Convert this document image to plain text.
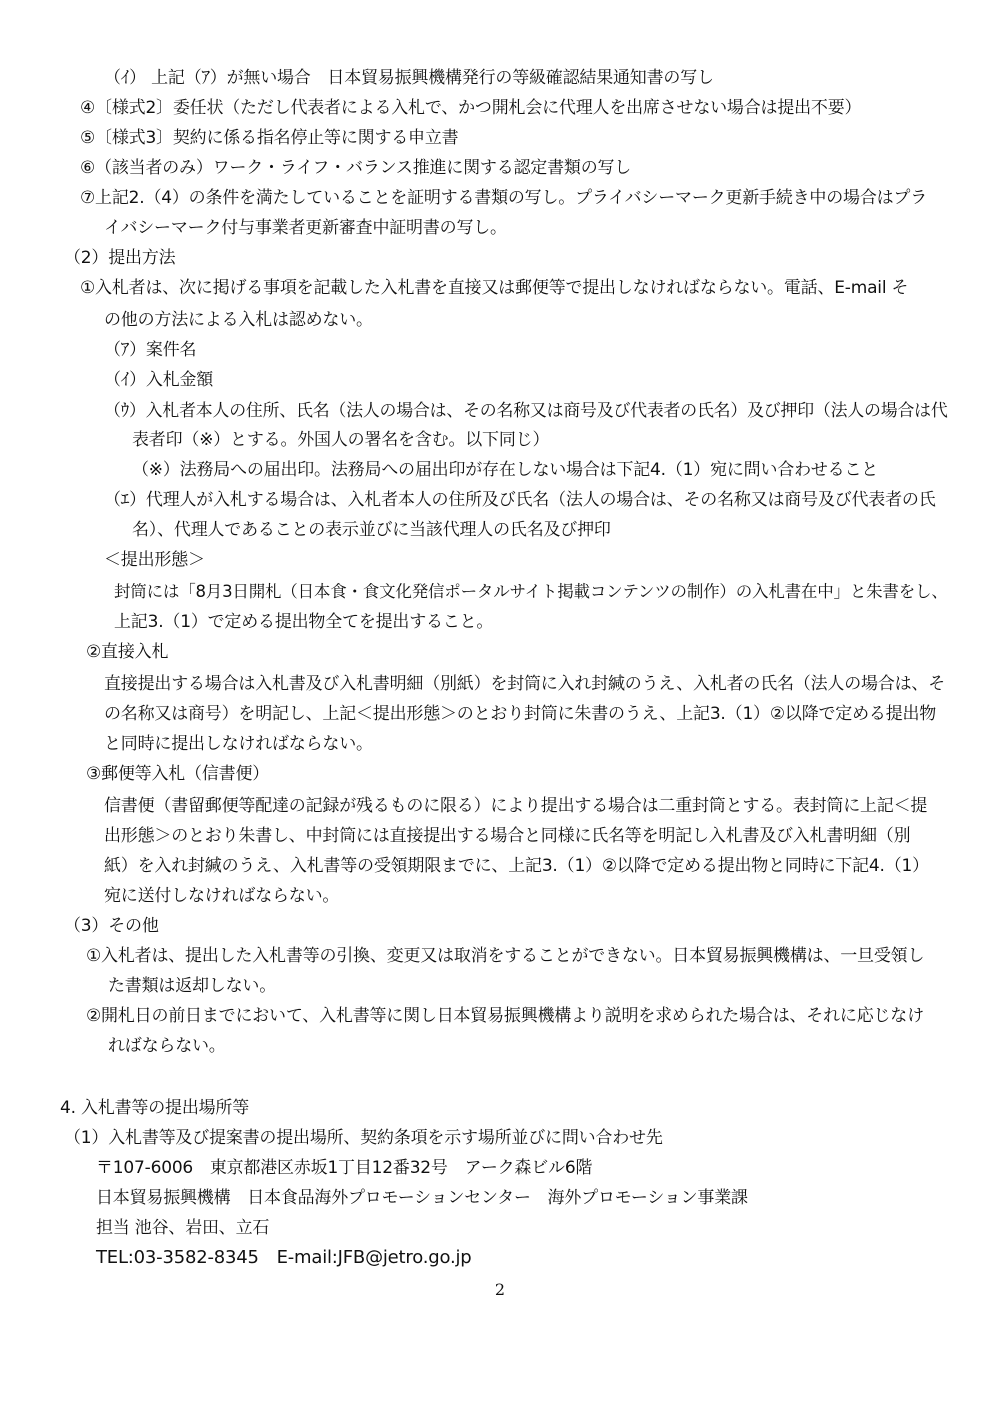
（ｲ） 上記（ｱ）が無い場合　日本貿易振興機構発行の等級確認結果通知書の写し
④〔様式2〕委任状（ただし代表者による入札で、かつ開札会に代理人を出席させない場合は提出不要）
⑤〔様式3〕契約に係る指名停止等に関する申立書
⑥（該当者のみ）ワーク・ライフ・バランス推進に関する認定書類の写し
⑦上記2.（4）の条件を満たしていることを証明する書類の写し。プライバシーマーク更新手続き中の場合はプラ
イバシーマーク付与事業者更新審査中証明書の写し。
（2）提出方法
①入札者は、次に掲げる事項を記載した入札書を直接又は郵便等で提出しなければならない。電話、E-mail そ
の他の方法による入札は認めない。
（ｱ）案件名
（ｲ）入札金額
（ｳ）入札者本人の住所、氏名（法人の場合は、その名称又は商号及び代表者の氏名）及び押印（法人の場合は代
表者印（※）とする。外国人の署名を含む。以下同じ）
（※）法務局への届出印。法務局への届出印が存在しない場合は下記4.（1）宛に問い合わせること
（ｴ）代理人が入札する場合は、入札者本人の住所及び氏名（法人の場合は、その名称又は商号及び代表者の氏
名）、代理人であることの表示並びに当該代理人の氏名及び押印
＜提出形態＞
封筒には「8月3日開札（日本食・食文化発信ポータルサイト掲載コンテンツの制作）の入札書在中」と朱書をし、
上記3.（1）で定める提出物全てを提出すること。
②直接入札
直接提出する場合は入札書及び入札書明細（別紙）を封筒に入れ封緘のうえ、入札者の氏名（法人の場合は、そ
の名称又は商号）を明記し、上記＜提出形態＞のとおり封筒に朱書のうえ、上記3.（1）②以降で定める提出物
と同時に提出しなければならない。
③郵便等入札（信書便）
信書便（書留郵便等配達の記録が残るものに限る）により提出する場合は二重封筒とする。表封筒に上記＜提
出形態＞のとおり朱書し、中封筒には直接提出する場合と同様に氏名等を明記し入札書及び入札書明細（別
紙）を入れ封緘のうえ、入札書等の受領期限までに、上記3.（1）②以降で定める提出物と同時に下記4.（1）
宛に送付しなければならない。
（3）その他
①入札者は、提出した入札書等の引換、変更又は取消をすることができない。日本貿易振興機構は、一旦受領し
た書類は返却しない。
②開札日の前日までにおいて、入札書等に関し日本貿易振興機構より説明を求められた場合は、それに応じなけ
ればならない。
4. 入札書等の提出場所等
（1）入札書等及び提案書の提出場所、契約条項を示す場所並びに問い合わせ先
〒107-6006　東京都港区赤坂1丁目12番32号　アーク森ビル6階
日本貿易振興機構　日本食品海外プロモーションセンター　海外プロモーション事業課
担当 池谷、岩田、立石
TEL:03-3582-8345　E-mail:JFB@jetro.go.jp
2
